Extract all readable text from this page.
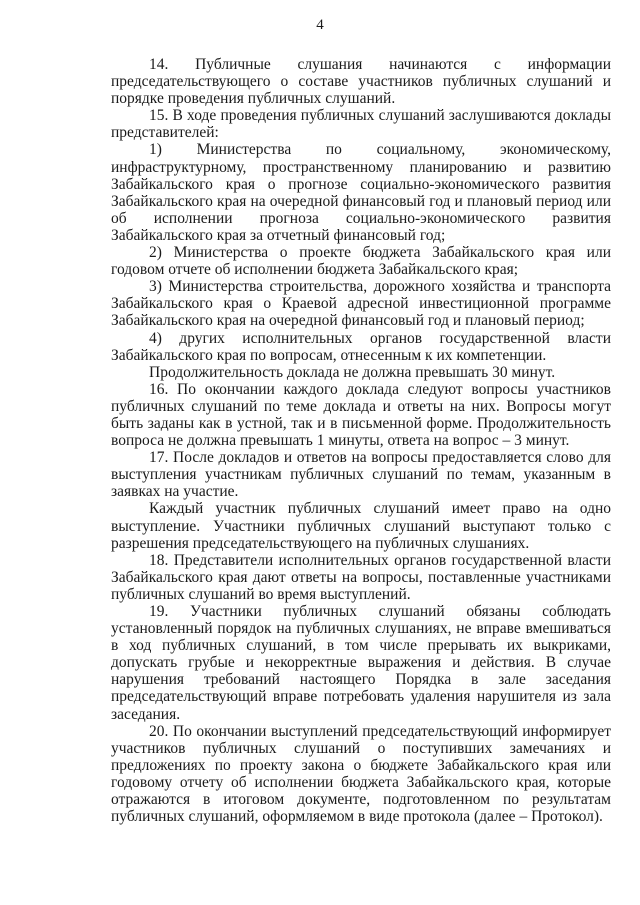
4

14. Публичные слушания начинаются с информации председательствующего о составе участников публичных слушаний и порядке проведения публичных слушаний.

15. В ходе проведения публичных слушаний заслушиваются доклады представителей:

1) Министерства по социальному, экономическому, инфраструктурному, пространственному планированию и развитию Забайкальского края о прогнозе социально-экономического развития Забайкальского края на очередной финансовый год и плановый период или об исполнении прогноза социально-экономического развития Забайкальского края за отчетный финансовый год;

2) Министерства о проекте бюджета Забайкальского края или годовом отчете об исполнении бюджета Забайкальского края;

3) Министерства строительства, дорожного хозяйства и транспорта Забайкальского края о Краевой адресной инвестиционной программе Забайкальского края на очередной финансовый год и плановый период;

4) других исполнительных органов государственной власти Забайкальского края по вопросам, отнесенным к их компетенции.

Продолжительность доклада не должна превышать 30 минут.

16. По окончании каждого доклада следуют вопросы участников публичных слушаний по теме доклада и ответы на них. Вопросы могут быть заданы как в устной, так и в письменной форме. Продолжительность вопроса не должна превышать 1 минуты, ответа на вопрос – 3 минут.

17. После докладов и ответов на вопросы предоставляется слово для выступления участникам публичных слушаний по темам, указанным в заявках на участие.

Каждый участник публичных слушаний имеет право на одно выступление. Участники публичных слушаний выступают только с разрешения председательствующего на публичных слушаниях.

18. Представители исполнительных органов государственной власти Забайкальского края дают ответы на вопросы, поставленные участниками публичных слушаний во время выступлений.

19. Участники публичных слушаний обязаны соблюдать установленный порядок на публичных слушаниях, не вправе вмешиваться в ход публичных слушаний, в том числе прерывать их выкриками, допускать грубые и некорректные выражения и действия. В случае нарушения требований настоящего Порядка в зале заседания председательствующий вправе потребовать удаления нарушителя из зала заседания.

20. По окончании выступлений председательствующий информирует участников публичных слушаний о поступивших замечаниях и предложениях по проекту закона о бюджете Забайкальского края или годовому отчету об исполнении бюджета Забайкальского края, которые отражаются в итоговом документе, подготовленном по результатам публичных слушаний, оформляемом в виде протокола (далее – Протокол).
